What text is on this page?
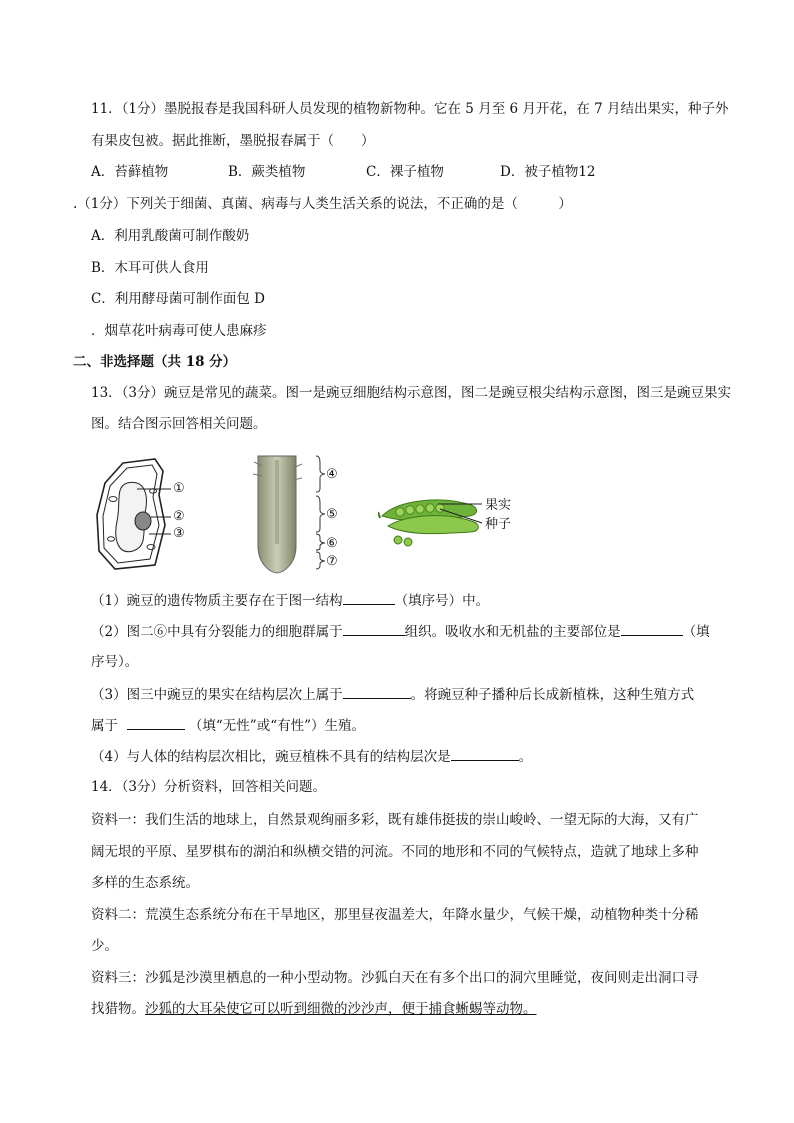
11．（1分）墨脱报春是我国科研人员发现的植物新物种。它在 5 月至 6 月开花，在 7 月结出果实，种子外
有果皮包被。据此推断，墨脱报春属于（　　）
A．苔藓植物	B．蕨类植物	C．裸子植物	D．被子植物12
.（1分）下列关于细菌、真菌、病毒与人类生活关系的说法，不正确的是（　　　）
A．利用乳酸菌可制作酸奶
B．木耳可供人食用
C．利用酵母菌可制作面包 D
．烟草花叶病毒可使人患麻疹
二、非选择题（共 18 分）
13．（3分）豌豆是常见的蔬菜。图一是豌豆细胞结构示意图，图二是豌豆根尖结构示意图，图三是豌豆果实
图。结合图示回答相关问题。
①
②
③
④
⑤
⑥
⑦
果实
种子
（1）豌豆的遗传物质主要存在于图一结构	（填序号）中。
（2）图二⑥中具有分裂能力的细胞群属于	组织。吸收水和无机盐的主要部位是	（填
序号）。
（3）图三中豌豆的果实在结构层次上属于	。将豌豆种子播种后长成新植株，这种生殖方式
属于	（填“无性”或“有性”）生殖。
（4）与人体的结构层次相比，豌豆植株不具有的结构层次是	。
14．（3分）分析资料，回答相关问题。
资料一：我们生活的地球上，自然景观绚丽多彩，既有雄伟挺拔的崇山峻岭、一望无际的大海，又有广
阔无垠的平原、星罗棋布的湖泊和纵横交错的河流。不同的地形和不同的气候特点，造就了地球上多种
多样的生态系统。
资料二：荒漠生态系统分布在干旱地区，那里昼夜温差大，年降水量少，气候干燥，动植物种类十分稀
少。
资料三：沙狐是沙漠里栖息的一种小型动物。沙狐白天在有多个出口的洞穴里睡觉，夜间则走出洞口寻
找猎物。沙狐的大耳朵使它可以听到细微的沙沙声，便于捕食蜥蜴等动物。
